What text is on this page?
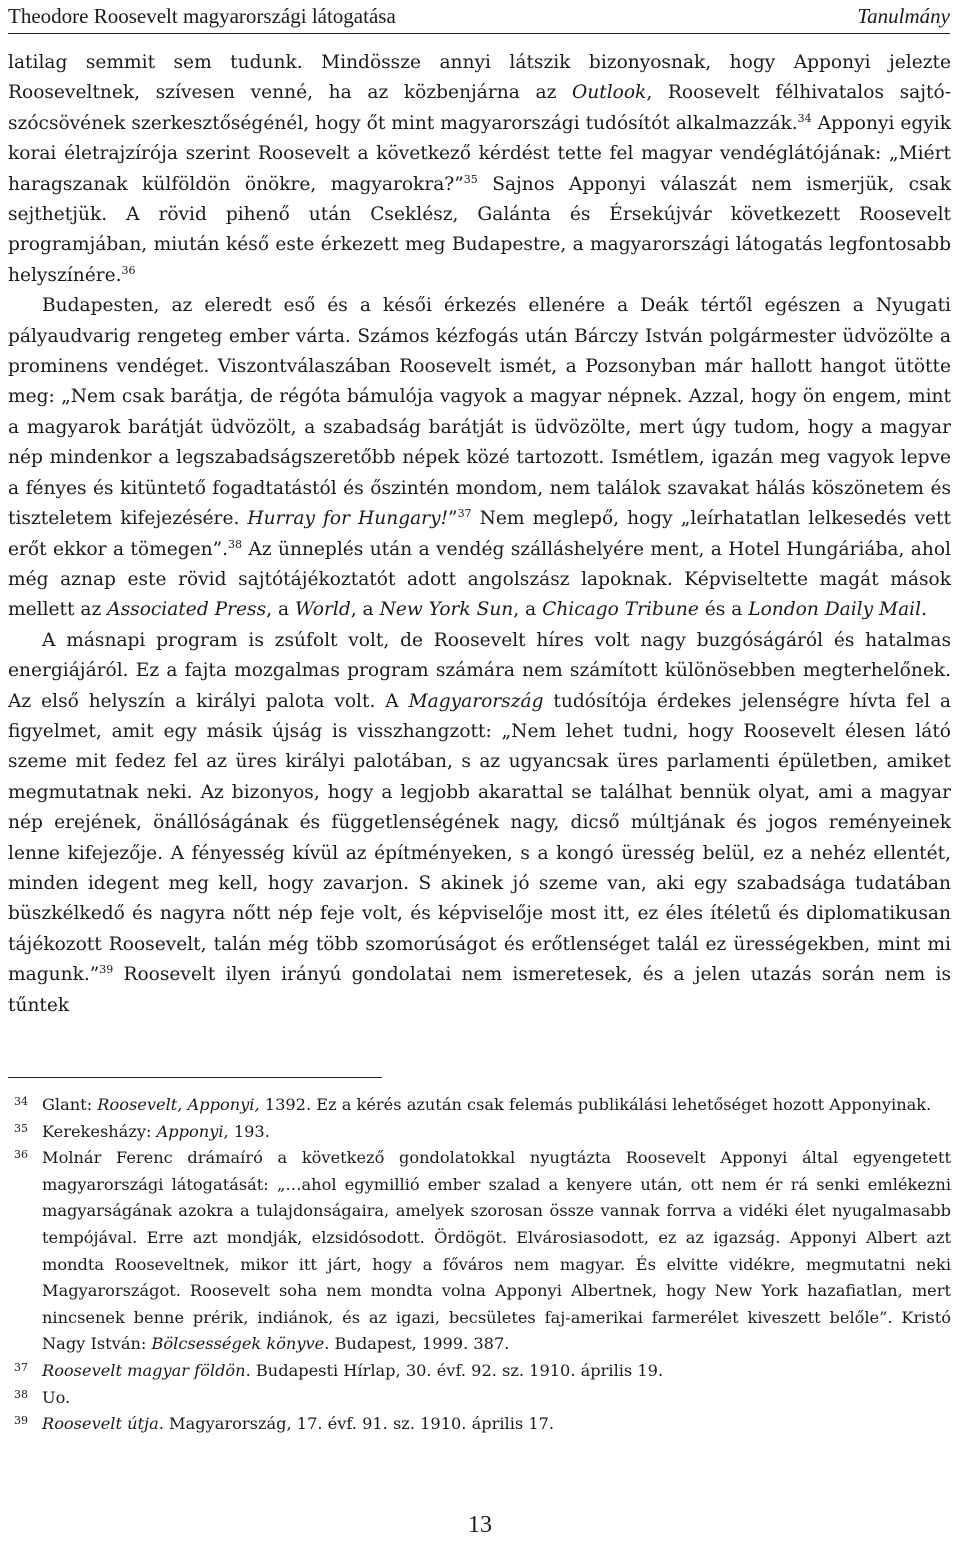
Theodore Roosevelt magyarországi látogatása	Tanulmány

latilag semmit sem tudunk. Mindössze annyi látszik bizonyosnak, hogy Apponyi jelezte Rooseveltnek, szívesen venné, ha az közbenjárna az Outlook, Roosevelt félhivatalos sajtószócsövének szerkesztőségénél, hogy őt mint magyarországi tudósítót alkalmazzák.$^{34}$ Apponyi egyik korai életrajzírója szerint Roosevelt a következő kérdést tette fel magyar vendéglátójának: „Miért haragszanak külföldön önökre, magyarokra?”$^{35}$ Sajnos Apponyi válaszát nem ismerjük, csak sejthetjük. A rövid pihenő után Cseklész, Galánta és Érsekújvár következett Roosevelt programjában, miután késő este érkezett meg Budapestre, a magyarországi látogatás legfontosabb helyszínére.$^{36}$

Budapesten, az eleredt eső és a késői érkezés ellenére a Deák tértől egészen a Nyugati pályaudvarig rengeteg ember várta. Számos kézfogás után Bárczy István polgármester üdvözölte a prominens vendéget. Viszontválaszában Roosevelt ismét, a Pozsonyban már hallott hangot ütötte meg: „Nem csak barátja, de régóta bámulója vagyok a magyar népnek. Azzal, hogy ön engem, mint a magyarok barátját üdvözölt, a szabadság barátját is üdvözölte, mert úgy tudom, hogy a magyar nép mindenkor a legszabadságszeretőbb népek közé tartozott. Ismétlem, igazán meg vagyok lepve a fényes és kitüntető fogadtatástól és őszintén mondom, nem találok szavakat hálás köszönetem és tiszteletem kifejezésére. Hurray for Hungary!”$^{37}$ Nem meglepő, hogy „leírhatatlan lelkesedés vett erőt ekkor a tömegen”.$^{38}$ Az ünneplés után a vendég szálláshelyére ment, a Hotel Hungáriába, ahol még aznap este rövid sajtótájékoztatót adott angolszász lapoknak. Képviseltette magát mások mellett az Associated Press, a World, a New York Sun, a Chicago Tribune és a London Daily Mail.

A másnapi program is zsúfolt volt, de Roosevelt híres volt nagy buzgóságáról és hatalmas energiájáról. Ez a fajta mozgalmas program számára nem számított különösebben megterhelőnek. Az első helyszín a királyi palota volt. A Magyarország tudósítója érdekes jelenségre hívta fel a figyelmet, amit egy másik újság is visszhangzott: „Nem lehet tudni, hogy Roosevelt élesen látó szeme mit fedez fel az üres királyi palotában, s az ugyancsak üres parlamenti épületben, amiket megmutatnak neki. Az bizonyos, hogy a legjobb akarattal se találhat bennük olyat, ami a magyar nép erejének, önállóságának és függetlenségének nagy, dicső múltjának és jogos reményeinek lenne kifejezője. A fényesség kívül az építményeken, s a kongó üresség belül, ez a nehéz ellentét, minden idegent meg kell, hogy zavarjon. S akinek jó szeme van, aki egy szabadsága tudatában büszkélkedő és nagyra nőtt nép feje volt, és képviselője most itt, ez éles ítéletű és diplomatikusan tájékozott Roosevelt, talán még több szomorúságot és erőtlenséget talál ez ürességekben, mint mi magunk.”$^{39}$ Roosevelt ilyen irányú gondolatai nem ismeretesek, és a jelen utazás során nem is tűntek

34 Glant: Roosevelt, Apponyi, 1392. Ez a kérés azután csak felemás publikálási lehetőséget hozott Apponyinak.
35 Kerekesházy: Apponyi, 193.
36 Molnár Ferenc drámaíró a következő gondolatokkal nyugtázta Roosevelt Apponyi által egyengetett magyarországi látogatását: „…ahol egymillió ember szalad a kenyere után, ott nem ér rá senki emlékezni magyarságának azokra a tulajdonságaira, amelyek szorosan össze vannak forrva a vidéki élet nyugalmasabb tempójával. Erre azt mondják, elzsidósodott. Ördögöt. Elvárosiasodott, ez az igazság. Apponyi Albert azt mondta Rooseveltnek, mikor itt járt, hogy a főváros nem magyar. És elvitte vidékre, megmutatni neki Magyarországot. Roosevelt soha nem mondta volna Apponyi Albertnek, hogy New York hazafiatlan, mert nincsenek benne prérik, indiánok, és az igazi, becsületes faj-amerikai farmerélet kiveszett belőle”. Kristó Nagy István: Bölcsességek könyve. Budapest, 1999. 387.
37 Roosevelt magyar földön. Budapesti Hírlap, 30. évf. 92. sz. 1910. április 19.
38 Uo.
39 Roosevelt útja. Magyarország, 17. évf. 91. sz. 1910. április 17.
13
